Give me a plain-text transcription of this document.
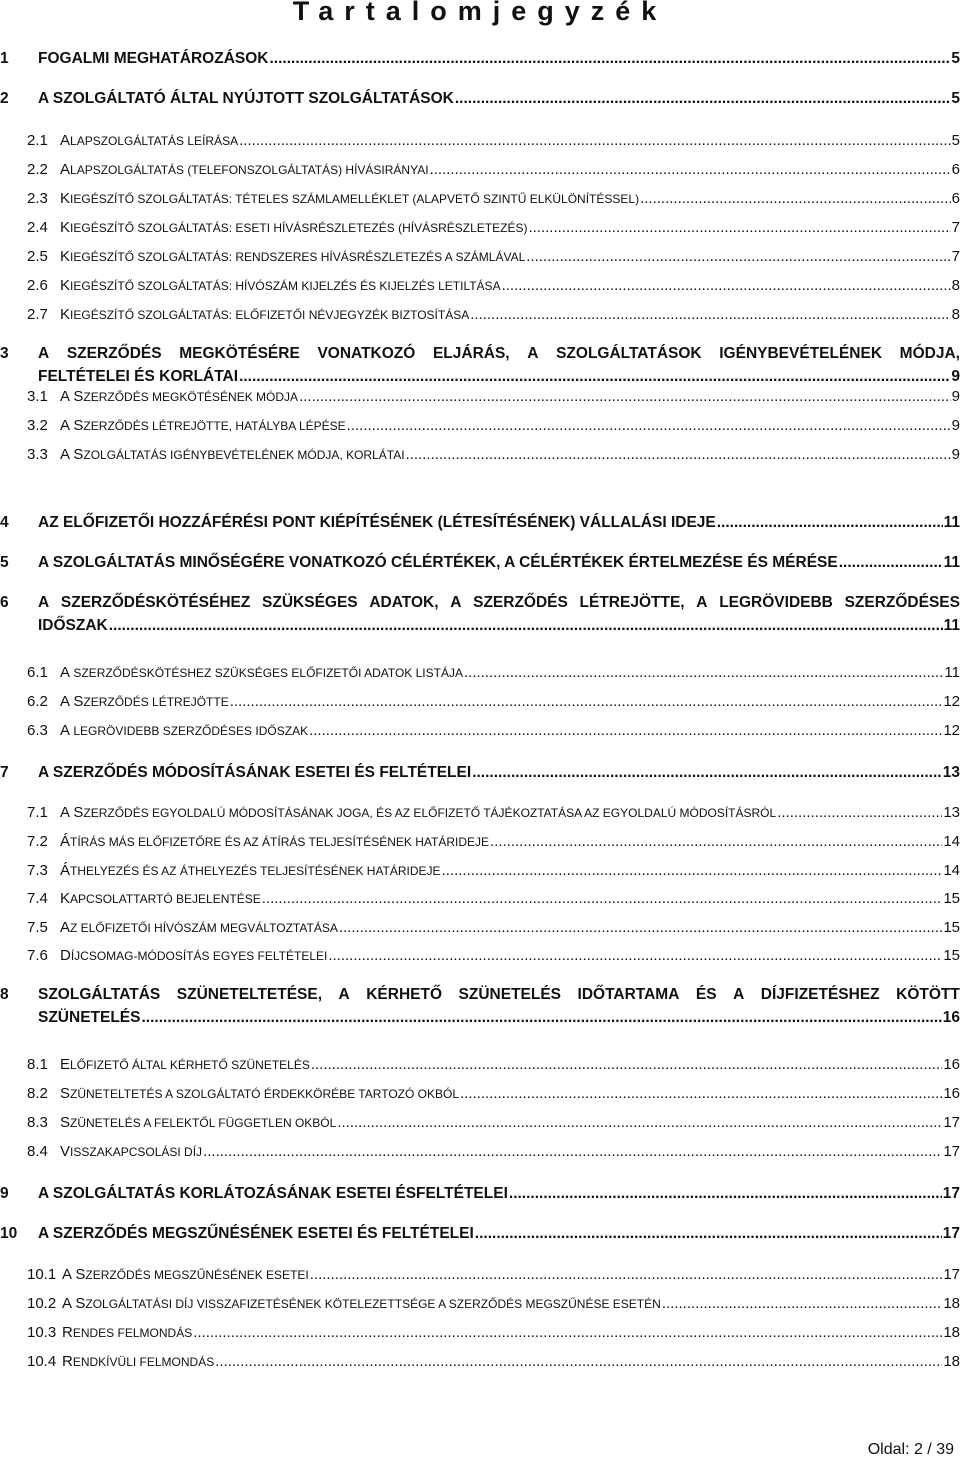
Tartalomjegyzék
1 FOGALMI MEGHATÁROZÁSOK .....	5
2 A SZOLGÁLTATÓ ÁLTAL NYÚJTOTT SZOLGÁLTATÁSOK .....	5
2.1 ALAPSZOLGÁLTATÁS LEÍRÁSA .....	5
2.2 ALAPSZOLGÁLTATÁS (TELEFONSZOLGÁLTATÁS) HÍVÁSIRÁNYAI .....	6
2.3 KIEGÉSZÍTŐ SZOLGÁLTATÁS: TÉTELES SZÁMLAMELLÉKLET (ALAPVETŐ SZINTŰ ELKÜLÖNÍTÉSSEL) .....	6
2.4 KIEGÉSZÍTŐ SZOLGÁLTATÁS: ESETI HÍVÁSRÉSZLETEZÉS (HÍVÁSRÉSZLETEZÉS) .....	7
2.5 KIEGÉSZÍTŐ SZOLGÁLTATÁS: RENDSZERES HÍVÁSRÉSZLETEZÉS A SZÁMLÁVAL .....	7
2.6 KIEGÉSZÍTŐ SZOLGÁLTATÁS: HÍVÓSZÁM KIJELZÉS ÉS KIJELZÉS LETILTÁSA .....	8
2.7 KIEGÉSZÍTŐ SZOLGÁLTATÁS: ELŐFIZETŐI NÉVJEGYZÉK BIZTOSÍTÁSA .....	8
3 A SZERZŐDÉS MEGKÖTÉSÉRE VONATKOZÓ ELJÁRÁS, A SZOLGÁLTATÁSOK IGÉNYBEVÉTELÉNEK MÓDJA,
FELTÉTELEI ÉS KORLÁTAI .....	9
3.1 A SZERZŐDÉS MEGKÖTÉSÉNEK MÓDJA .....	9
3.2 A SZERZŐDÉS LÉTREJÖTTE, HATÁLYBA LÉPÉSE .....	9
3.3 A SZOLGÁLTATÁS IGÉNYBEVÉTELÉNEK MÓDJA, KORLÁTAI .....	9
4 AZ ELŐFIZETŐI HOZZÁFÉRÉSI PONT KIÉPÍTÉSÉNEK (LÉTESÍTÉSÉNEK) VÁLLALÁSI IDEJE .....	11
5 A SZOLGÁLTATÁS MINŐSÉGÉRE VONATKOZÓ CÉLÉRTÉKEK, A CÉLÉRTÉKEK ÉRTELMEZÉSE ÉS MÉRÉSE .....	11
6 A SZERZŐDÉSKÖTÉSÉHEZ SZÜKSÉGES ADATOK, A SZERZŐDÉS LÉTREJÖTTE, A LEGRÖVIDEBB SZERZŐDÉSES
IDŐSZAK .....	11
6.1 A SZERZŐDÉSKÖTÉSHEZ SZÜKSÉGES ELŐFIZETŐI ADATOK LISTÁJA .....	11
6.2 A SZERZŐDÉS LÉTREJÖTTE .....	12
6.3 A LEGRÖVIDEBB SZERZŐDÉSES IDŐSZAK .....	12
7 A SZERZŐDÉS MÓDOSÍTÁSÁNAK ESETEI ÉS FELTÉTELEI .....	13
7.1 A SZERZŐDÉS EGYOLDALÚ MÓDOSÍTÁSÁNAK JOGA, ÉS AZ ELŐFIZETŐ TÁJÉKOZTATÁSA AZ EGYOLDALÚ MÓDOSÍTÁSRÓL .....	13
7.2 ÁTÍRÁS MÁS ELŐFIZETŐRE ÉS AZ ÁTÍRÁS TELJESÍTÉSÉNEK HATÁRIDEJE .....	14
7.3 ÁTHELYEZÉS ÉS AZ ÁTHELYEZÉS TELJESÍTÉSÉNEK HATÁRIDEJE .....	14
7.4 KAPCSOLATTARTÓ BEJELENTÉSE .....	15
7.5 AZ ELŐFIZETŐI HÍVÓSZÁM MEGVÁLTOZTATÁSA .....	15
7.6 DÍJCSOMAG-MÓDOSÍTÁS EGYES FELTÉTELEI .....	15
8 SZOLGÁLTATÁS SZÜNETELTETÉSE, A KÉRHETŐ SZÜNETELÉS IDŐTARTAMA ÉS A DÍJFIZETÉSHEZ KÖTÖTT
SZÜNETELÉS .....	16
8.1 ELŐFIZETŐ ÁLTAL KÉRHETŐ SZÜNETELÉS .....	16
8.2 SZÜNETELTETÉS A SZOLGÁLTATÓ ÉRDEKKÖRÉBE TARTOZÓ OKBÓL .....	16
8.3 SZÜNETELÉS A FELEKTŐL FÜGGETLEN OKBÓL .....	17
8.4 VISSZAKAPCSOLÁSI DÍJ .....	17
9 A SZOLGÁLTATÁS KORLÁTOZÁSÁNAK ESETEI ÉSFELTÉTELEI .....	17
10 A SZERZŐDÉS MEGSZŰNÉSÉNEK ESETEI ÉS FELTÉTELEI .....	17
10.1 A SZERZŐDÉS MEGSZŰNÉSÉNEK ESETEI .....	17
10.2 A SZOLGÁLTATÁSI DÍJ VISSZAFIZETÉSÉNEK KÖTELEZETTSÉGE A SZERZŐDÉS MEGSZŰNÉSE ESETÉN .....	18
10.3 RENDES FELMONDÁS .....	18
10.4 RENDKÍVÜLI FELMONDÁS .....	18
Oldal: 2 / 39
